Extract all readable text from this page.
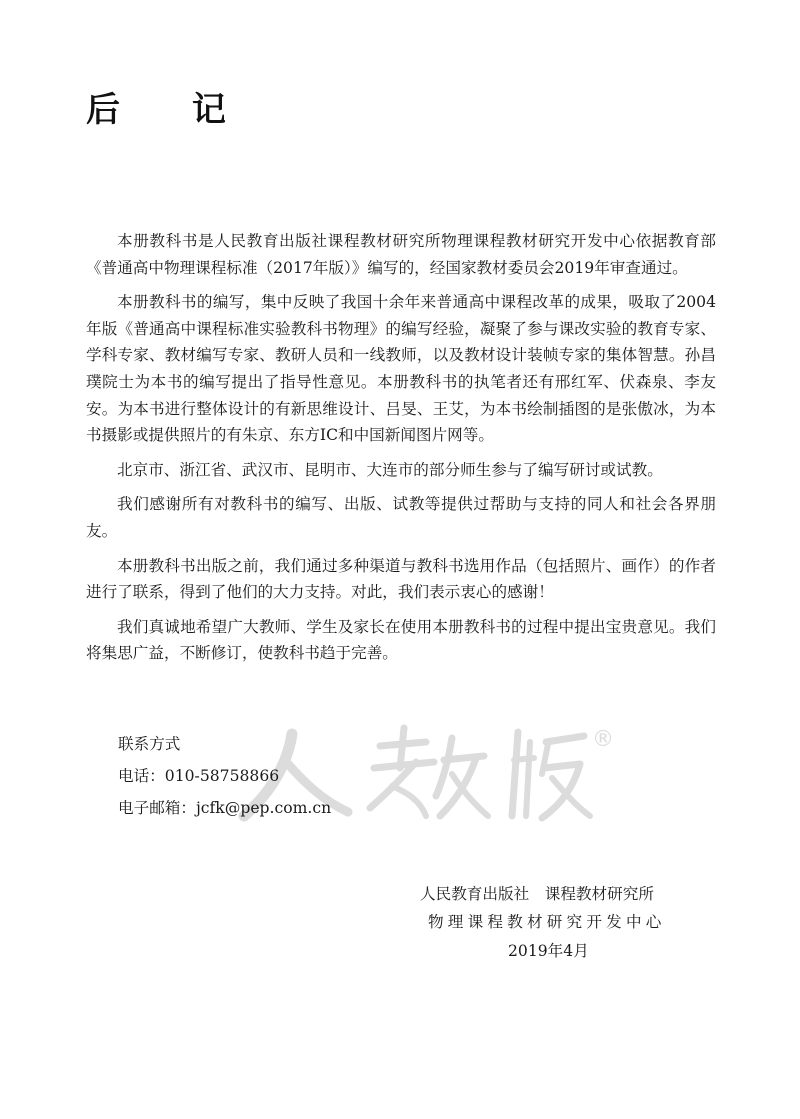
后 记

本册教科书是人民教育出版社课程教材研究所物理课程教材研究开发中心依据教育部《普通高中物理课程标准（2017年版）》编写的，经国家教材委员会2019年审查通过。

本册教科书的编写，集中反映了我国十余年来普通高中课程改革的成果，吸取了2004年版《普通高中课程标准实验教科书物理》的编写经验，凝聚了参与课改实验的教育专家、学科专家、教材编写专家、教研人员和一线教师，以及教材设计装帧专家的集体智慧。孙昌璞院士为本书的编写提出了指导性意见。本册教科书的执笔者还有邢红军、伏森泉、李友安。为本书进行整体设计的有新思维设计、吕旻、王艾，为本书绘制插图的是张傲冰，为本书摄影或提供照片的有朱京、东方IC和中国新闻图片网等。

北京市、浙江省、武汉市、昆明市、大连市的部分师生参与了编写研讨或试教。

我们感谢所有对教科书的编写、出版、试教等提供过帮助与支持的同人和社会各界朋友。

本册教科书出版之前，我们通过多种渠道与教科书选用作品（包括照片、画作）的作者进行了联系，得到了他们的大力支持。对此，我们表示衷心的感谢！

我们真诚地希望广大教师、学生及家长在使用本册教科书的过程中提出宝贵意见。我们将集思广益，不断修订，使教科书趋于完善。

®
联系方式
电话：010-58758866
电子邮箱：jcfk@pep.com.cn
人民教育出版社　课程教材研究所
物理课程教材研究开发中心
2019年4月
